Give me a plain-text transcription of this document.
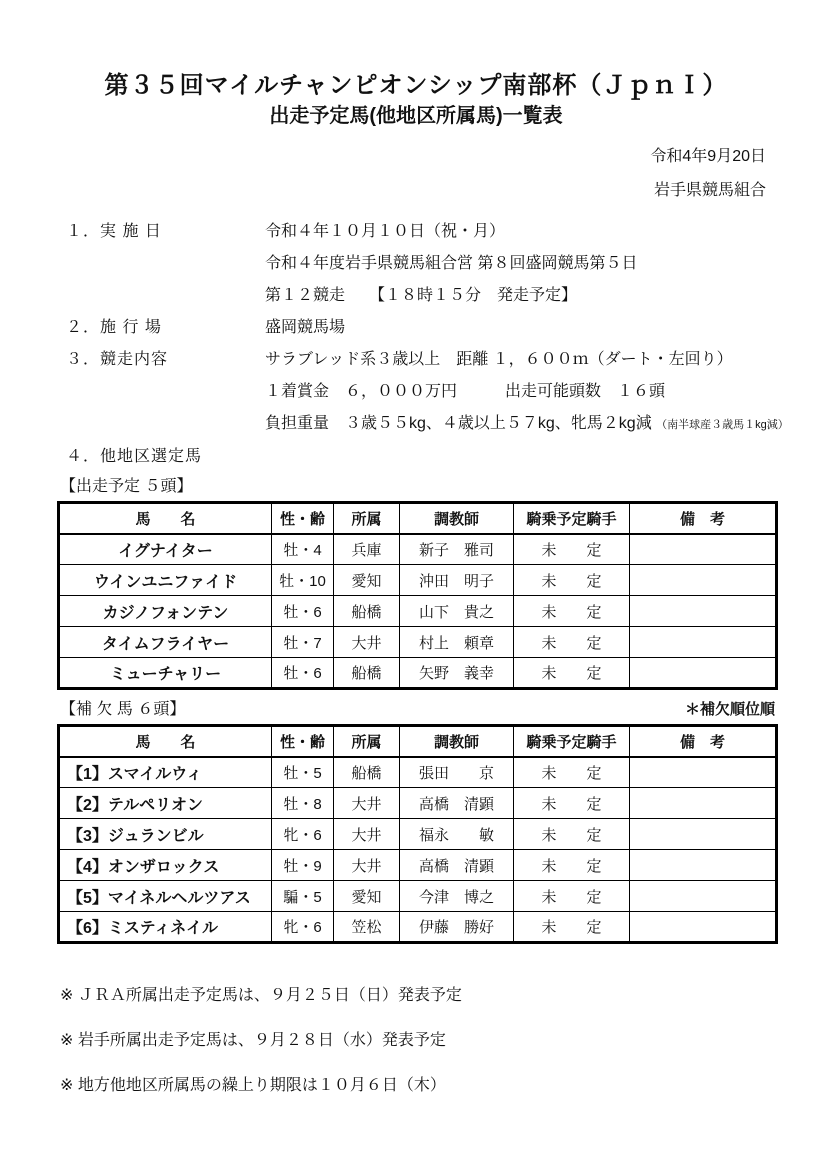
第３５回マイルチャンピオンシップ南部杯（ＪｐｎＩ）
出走予定馬(他地区所属馬)一覧表
令和4年9月20日
岩手県競馬組合
１．実 施 日	令和４年１０月１０日（祝・月）
令和４年度岩手県競馬組合営 第８回盛岡競馬第５日
第１２競走　　【１８時１５分　発走予定】
２．施 行 場	盛岡競馬場
３．競走内容	サラブレッド系３歳以上　距離 １，６００ｍ（ダート・左回り）
１着賞金　６，０００万円　　　出走可能頭数　１６頭
負担重量　３歳５５kg、４歳以上５７kg、牝馬２kg減 （南半球産３歳馬１kg減）
４．他地区選定馬
【出走予定 ５頭】
馬　　名	性・齢	所属	調教師	騎乗予定騎手	備　考
イグナイター	牡・4	兵庫	新子　雅司	未　　定	
ウインユニファイド	牡・10	愛知	沖田　明子	未　　定	
カジノフォンテン	牡・6	船橋	山下　貴之	未　　定	
タイムフライヤー	牡・7	大井	村上　頼章	未　　定	
ミューチャリー	牡・6	船橋	矢野　義幸	未　　定	
【補 欠 馬 ６頭】	＊補欠順位順
馬　　名	性・齢	所属	調教師	騎乗予定騎手	備　考
【1】スマイルウィ	牡・5	船橋	張田　　京	未　　定	
【2】テルペリオン	牡・8	大井	高橋　清顕	未　　定	
【3】ジュランビル	牝・6	大井	福永　　敏	未　　定	
【4】オンザロックス	牡・9	大井	高橋　清顕	未　　定	
【5】マイネルヘルツアス	騙・5	愛知	今津　博之	未　　定	
【6】ミスティネイル	牝・6	笠松	伊藤　勝好	未　　定	
※ ＪＲＡ所属出走予定馬は、９月２５日（日）発表予定
※ 岩手所属出走予定馬は、９月２８日（水）発表予定
※ 地方他地区所属馬の繰上り期限は１０月６日（木）
